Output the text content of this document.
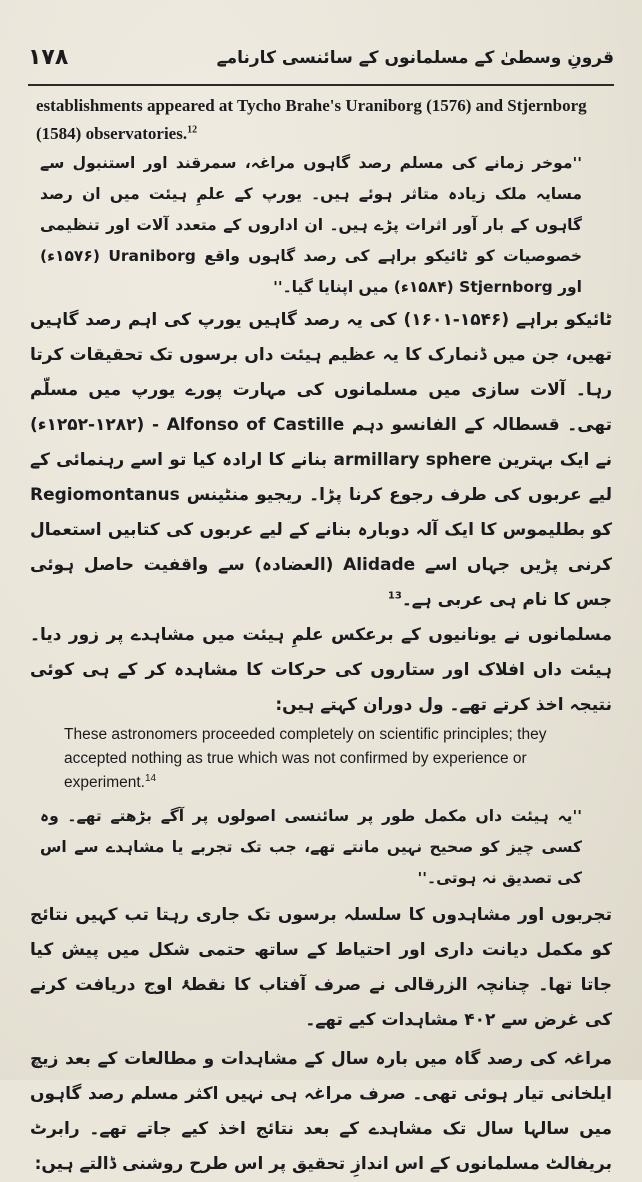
قرونِ وسطیٰ کے مسلمانوں کے سائنسی کارنامے
۱۷۸

establishments appeared at Tycho Brahe's Uraniborg (1576) and Stjernborg (1584) observatories.$^{12}$

''موخر زمانے کی مسلم رصد گاہوں مراغہ، سمرقند اور استنبول سے مسایہ ملک زیادہ متاثر ہوئے ہیں۔ یورپ کے علمِ ہیئت میں ان رصد گاہوں کے بار آور اثرات پڑے ہیں۔ ان اداروں کے متعدد آلات اور تنظیمی خصوصیات کو ٹائیکو براہے کی رصد گاہوں واقع Uraniborg (۱۵۷۶ء) اور Stjernborg (۱۵۸۴ء) میں اپنایا گیا۔''

ٹائیکو براہے (۱۵۴۶-۱۶۰۱) کی یہ رصد گاہیں یورپ کی اہم رصد گاہیں تھیں، جن میں ڈنمارک کا یہ عظیم ہیئت داں برسوں تک تحقیقات کرتا رہا۔ آلات سازی میں مسلمانوں کی مہارت پورے یورپ میں مسلّم تھی۔ قسطالہ کے الفانسو دہم Alfonso of Castille - (۱۲۵۲-۱۲۸۲ء) نے ایک بہترین armillary sphere بنانے کا ارادہ کیا تو اسے رہنمائی کے لیے عربوں کی طرف رجوع کرنا پڑا۔ ریجیو منٹینس Regiomontanus کو بطلیموس کا ایک آلہ دوبارہ بنانے کے لیے عربوں کی کتابیں استعمال کرنی پڑیں جہاں اسے Alidade (العضادہ) سے واقفیت حاصل ہوئی جس کا نام ہی عربی ہے۔$^{13}$

مسلمانوں نے یونانیوں کے برعکس علمِ ہیئت میں مشاہدے پر زور دیا۔ ہیئت داں افلاک اور ستاروں کی حرکات کا مشاہدہ کر کے ہی کوئی نتیجہ اخذ کرتے تھے۔ ول دوران کہتے ہیں:

These astronomers proceeded completely on scientific principles; they accepted nothing as true which was not confirmed by experience or experiment.$^{14}$

''یہ ہیئت داں مکمل طور پر سائنسی اصولوں پر آگے بڑھتے تھے۔ وہ کسی چیز کو صحیح نہیں مانتے تھے، جب تک تجربے یا مشاہدے سے اس کی تصدیق نہ ہوتی۔''

تجربوں اور مشاہدوں کا سلسلہ برسوں تک جاری رہتا تب کہیں نتائج کو مکمل دیانت داری اور احتیاط کے ساتھ حتمی شکل میں پیش کیا جاتا تھا۔ چنانچہ الزرقالی نے صرف آفتاب کا نقطۂ اوج دریافت کرنے کی غرض سے ۴۰۲ مشاہدات کیے تھے۔

مراغہ کی رصد گاہ میں بارہ سال کے مشاہدات و مطالعات کے بعد زیچ ایلخانی تیار ہوئی تھی۔ صرف مراغہ ہی نہیں اکثر مسلم رصد گاہوں میں سالہا سال تک مشاہدے کے بعد نتائج اخذ کیے جاتے تھے۔ رابرٹ بریفالٹ مسلمانوں کے اس اندازِ تحقیق پر اس طرح روشنی ڈالتے ہیں:
